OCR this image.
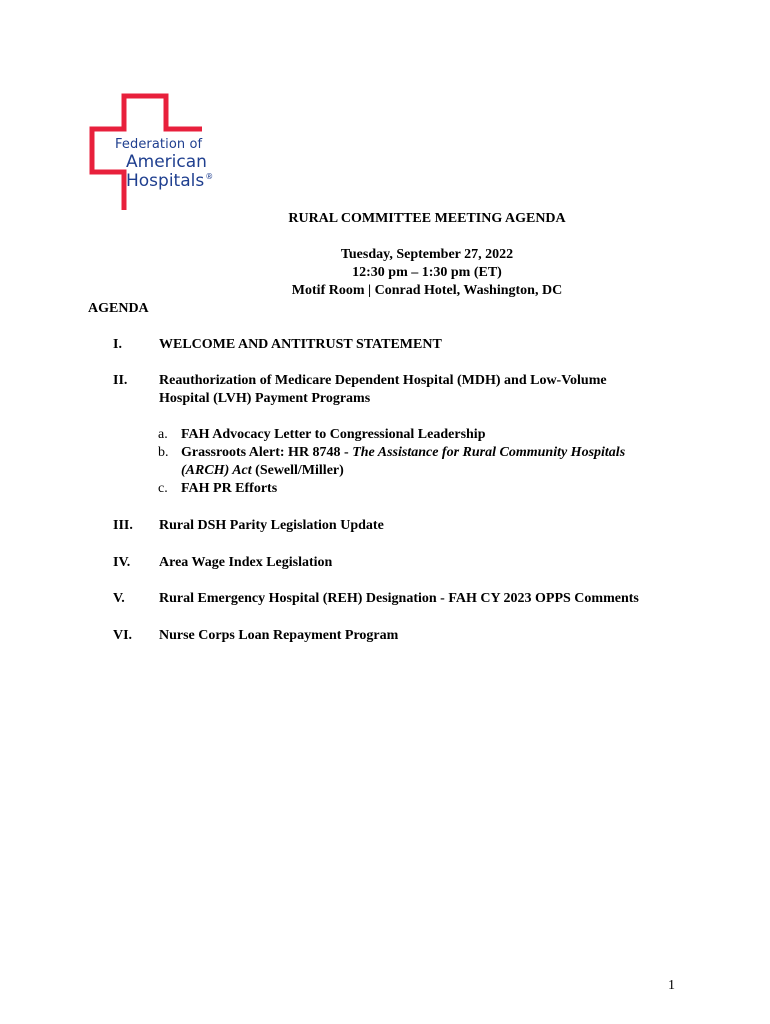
Federation of
American
Hospitals®
RURAL COMMITTEE MEETING AGENDA
Tuesday, September 27, 2022
12:30 pm – 1:30 pm (ET)
Motif Room | Conrad Hotel, Washington, DC
AGENDA
I.	WELCOME AND ANTITRUST STATEMENT
II. Reauthorization of Medicare Dependent Hospital (MDH) and Low-Volume
Hospital (LVH) Payment Programs
a. FAH Advocacy Letter to Congressional Leadership
b. Grassroots Alert: HR 8748 - The Assistance for Rural Community Hospitals
(ARCH) Act (Sewell/Miller)
c. FAH PR Efforts
III. Rural DSH Parity Legislation Update
IV. Area Wage Index Legislation
V. Rural Emergency Hospital (REH) Designation - FAH CY 2023 OPPS Comments
VI. Nurse Corps Loan Repayment Program
1
